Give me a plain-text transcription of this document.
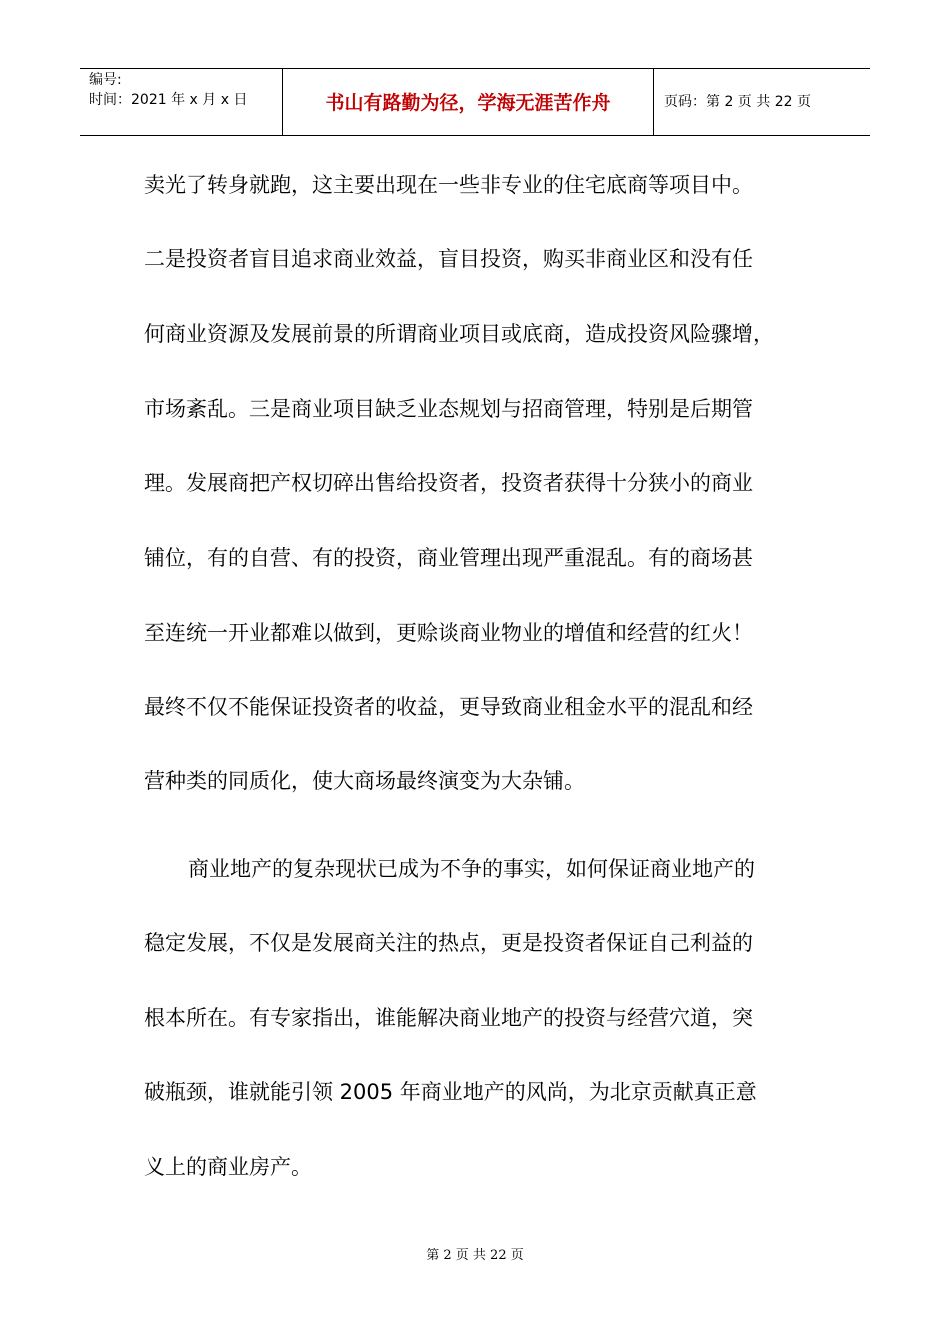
编号:
时间：2021 年 x 月 x 日	书山有路勤为径，学海无涯苦作舟	页码：第 2 页 共 22 页
卖光了转身就跑，这主要出现在一些非专业的住宅底商等项目中。
二是投资者盲目追求商业效益，盲目投资，购买非商业区和没有任
何商业资源及发展前景的所谓商业项目或底商，造成投资风险骤增，
市场紊乱。三是商业项目缺乏业态规划与招商管理，特别是后期管
理。发展商把产权切碎出售给投资者，投资者获得十分狭小的商业
铺位，有的自营、有的投资，商业管理出现严重混乱。有的商场甚
至连统一开业都难以做到，更赊谈商业物业的增值和经营的红火！
最终不仅不能保证投资者的收益，更导致商业租金水平的混乱和经
营种类的同质化，使大商场最终演变为大杂铺。
商业地产的复杂现状已成为不争的事实，如何保证商业地产的
稳定发展，不仅是发展商关注的热点，更是投资者保证自己利益的
根本所在。有专家指出，谁能解决商业地产的投资与经营穴道，突
破瓶颈，谁就能引领 2005 年商业地产的风尚，为北京贡献真正意
义上的商业房产。
第 2 页 共 22 页
